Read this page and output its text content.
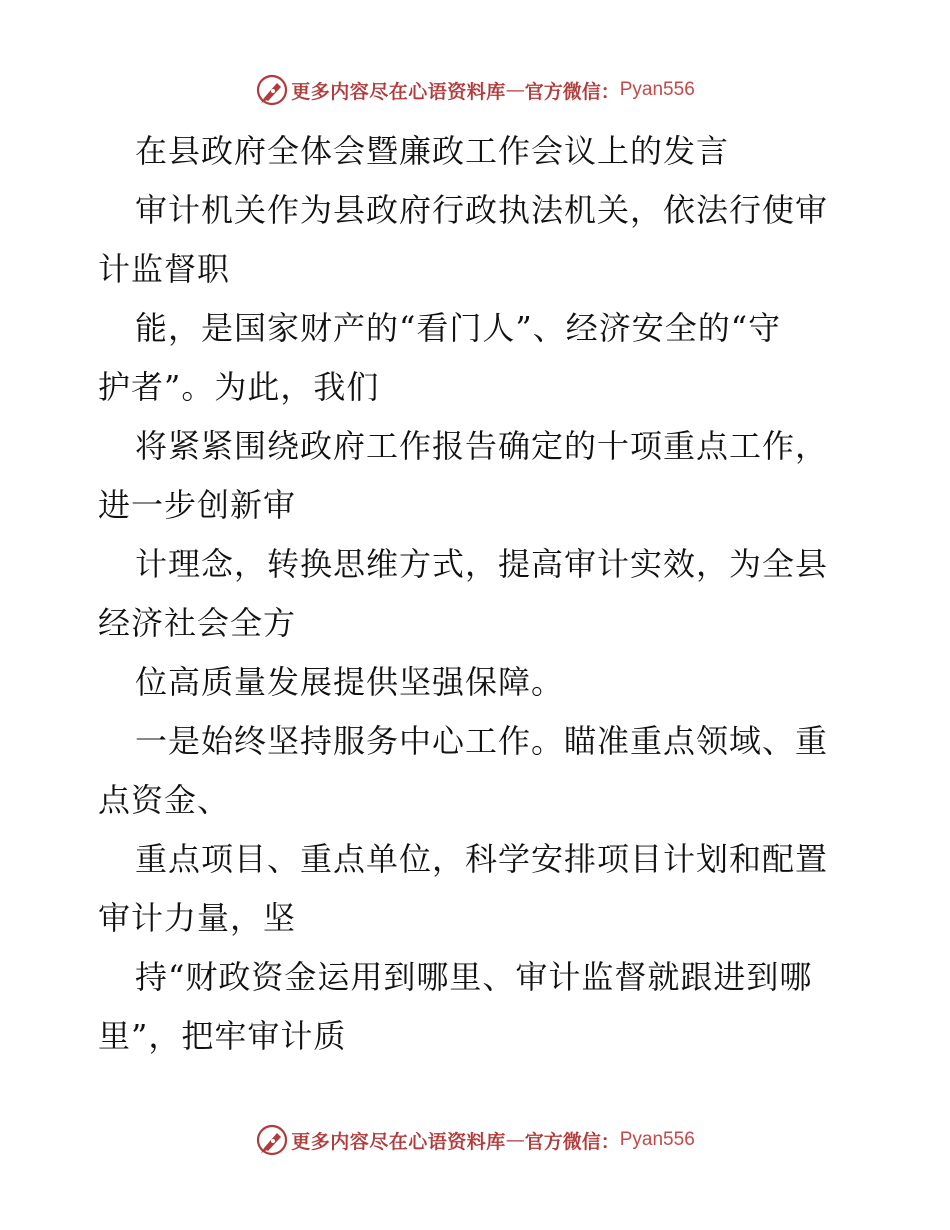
更多内容尽在心语资料库 — 官方微信： Pyan556
在县政府全体会暨廉政工作会议上的发言
审计机关作为县政府行政执法机关，依法行使审
计监督职
能，是国家财产的“看门人”、经济安全的“守
护者”。为此，我们
将紧紧围绕政府工作报告确定的十项重点工作，
进一步创新审
计理念，转换思维方式，提高审计实效，为全县
经济社会全方
位高质量发展提供坚强保障。
一是始终坚持服务中心工作。瞄准重点领域、重
点资金、
重点项目、重点单位，科学安排项目计划和配置
审计力量，坚
持“财政资金运用到哪里、审计监督就跟进到哪
里”，把牢审计质
更多内容尽在心语资料库 — 官方微信： Pyan556
